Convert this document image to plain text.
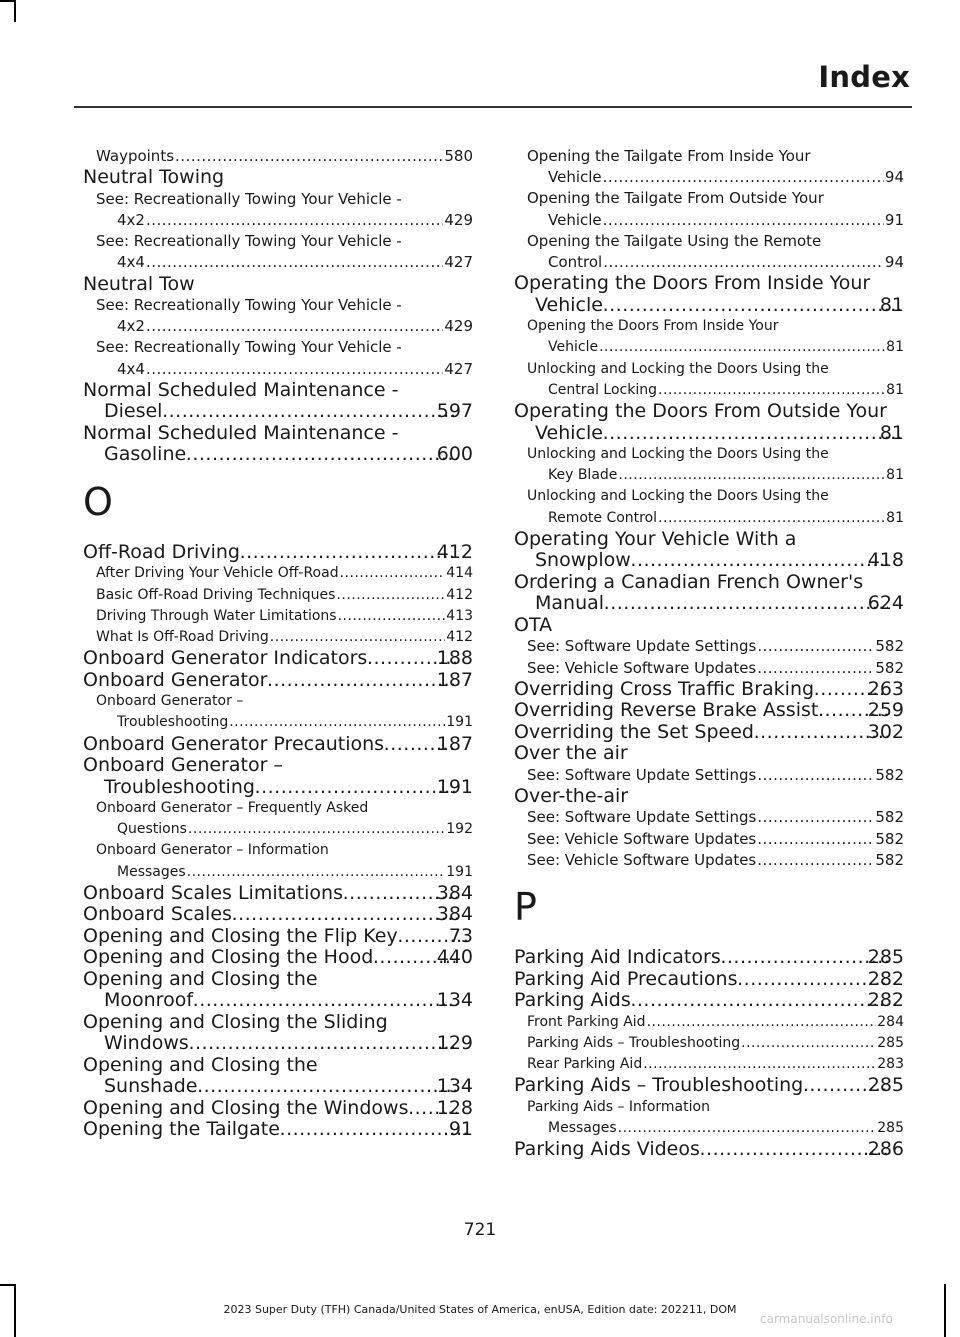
Index
Waypoints .....	580
Neutral Towing
See: Recreationally Towing Your Vehicle -
4x2 .....	429
See: Recreationally Towing Your Vehicle -
4x4 .....	427
Neutral Tow
See: Recreationally Towing Your Vehicle -
4x2 .....	429
See: Recreationally Towing Your Vehicle -
4x4 .....	427
Normal Scheduled Maintenance -
Diesel .....	597
Normal Scheduled Maintenance -
Gasoline .....	600
O
Off-Road Driving .....	412
After Driving Your Vehicle Off-Road .....	414
Basic Off-Road Driving Techniques .....	412
Driving Through Water Limitations .....	413
What Is Off-Road Driving .....	412
Onboard Generator Indicators .....	188
Onboard Generator .....	187
Onboard Generator –
Troubleshooting .....	191
Onboard Generator Precautions .....	187
Onboard Generator –
Troubleshooting .....	191
Onboard Generator – Frequently Asked
Questions .....	192
Onboard Generator – Information
Messages .....	191
Onboard Scales Limitations .....	384
Onboard Scales .....	384
Opening and Closing the Flip Key .....	73
Opening and Closing the Hood .....	440
Opening and Closing the
Moonroof .....	134
Opening and Closing the Sliding
Windows .....	129
Opening and Closing the
Sunshade .....	134
Opening and Closing the Windows ..... 128
Opening the Tailgate .....	91
Opening the Tailgate From Inside Your
Vehicle .....	94
Opening the Tailgate From Outside Your
Vehicle .....	91
Opening the Tailgate Using the Remote
Control .....	94
Operating the Doors From Inside Your
Vehicle .....	81
Opening the Doors From Inside Your
Vehicle .....	81
Unlocking and Locking the Doors Using the
Central Locking .....	81
Operating the Doors From Outside Your
Vehicle .....	81
Unlocking and Locking the Doors Using the
Key Blade .....	81
Unlocking and Locking the Doors Using the
Remote Control .....	81
Operating Your Vehicle With a
Snowplow .....	418
Ordering a Canadian French Owner's
Manual .....	624
OTA
See: Software Update Settings .....	582
See: Vehicle Software Updates .....	582
Overriding Cross Traffic Braking .....	263
Overriding Reverse Brake Assist .....	259
Overriding the Set Speed .....	302
Over the air
See: Software Update Settings .....	582
Over-the-air
See: Software Update Settings .....	582
See: Vehicle Software Updates .....	582
See: Vehicle Software Updates .....	582
P
Parking Aid Indicators .....	285
Parking Aid Precautions .....	282
Parking Aids .....	282
Front Parking Aid .....	284
Parking Aids – Troubleshooting .....	285
Rear Parking Aid .....	283
Parking Aids – Troubleshooting .....	285
Parking Aids – Information
Messages .....	285
Parking Aids Videos .....	286
721
2023 Super Duty (TFH) Canada/United States of America, enUSA, Edition date: 202211, DOM
carmanualsonline.info
